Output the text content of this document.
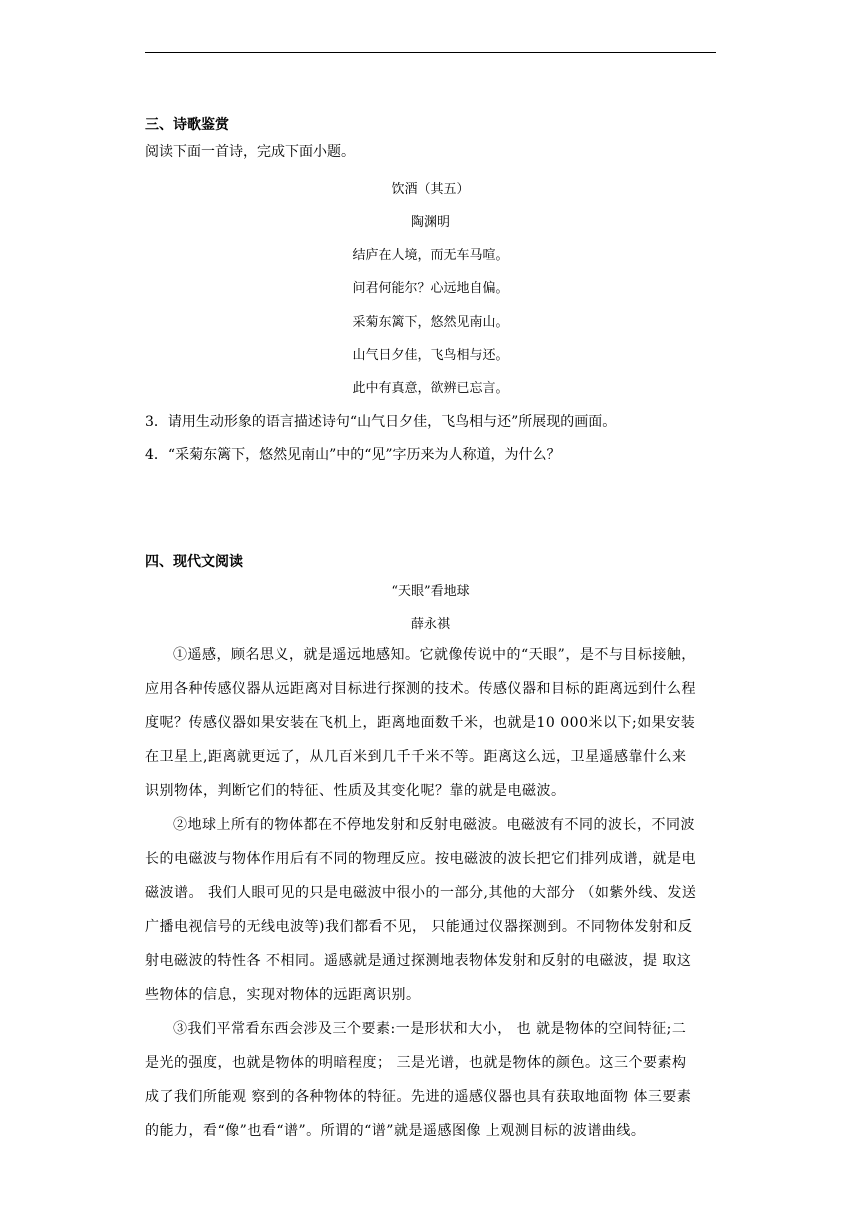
三、诗歌鉴赏
阅读下面一首诗，完成下面小题。
饮酒（其五）
陶渊明
结庐在人境，而无车马喧。
问君何能尔？心远地自偏。
采菊东篱下，悠然见南山。
山气日夕佳，飞鸟相与还。
此中有真意，欲辨已忘言。
3．请用生动形象的语言描述诗句“山气日夕佳，飞鸟相与还”所展现的画面。
4．“采菊东篱下，悠然见南山”中的“见”字历来为人称道，为什么？
四、现代文阅读
“天眼”看地球
薛永祺
①遥感，顾名思义，就是遥远地感知。它就像传说中的“天眼”，是不与目标接触，
应用各种传感仪器从远距离对目标进行探测的技术。传感仪器和目标的距离远到什么程
度呢？传感仪器如果安装在飞机上，距离地面数千米，也就是10 000米以下;如果安装
在卫星上,距离就更远了，从几百米到几千千米不等。距离这么远，卫星遥感靠什么来
识别物体，判断它们的特征、性质及其变化呢？靠的就是电磁波。
②地球上所有的物体都在不停地发射和反射电磁波。电磁波有不同的波长，不同波
长的电磁波与物体作用后有不同的物理反应。按电磁波的波长把它们排列成谱，就是电
磁波谱。 我们人眼可见的只是电磁波中很小的一部分,其他的大部分 （如紫外线、发送
广播电视信号的无线电波等)我们都看不见， 只能通过仪器探测到。不同物体发射和反
射电磁波的特性各 不相同。遥感就是通过探测地表物体发射和反射的电磁波，提 取这
些物体的信息，实现对物体的远距离识别。
③我们平常看东西会涉及三个要素:一是形状和大小， 也 就是物体的空间特征;二
是光的强度，也就是物体的明暗程度； 三是光谱，也就是物体的颜色。这三个要素构
成了我们所能观 察到的各种物体的特征。先进的遥感仪器也具有获取地面物 体三要素
的能力，看“像”也看“谱”。所谓的“谱”就是遥感图像 上观测目标的波谱曲线。
